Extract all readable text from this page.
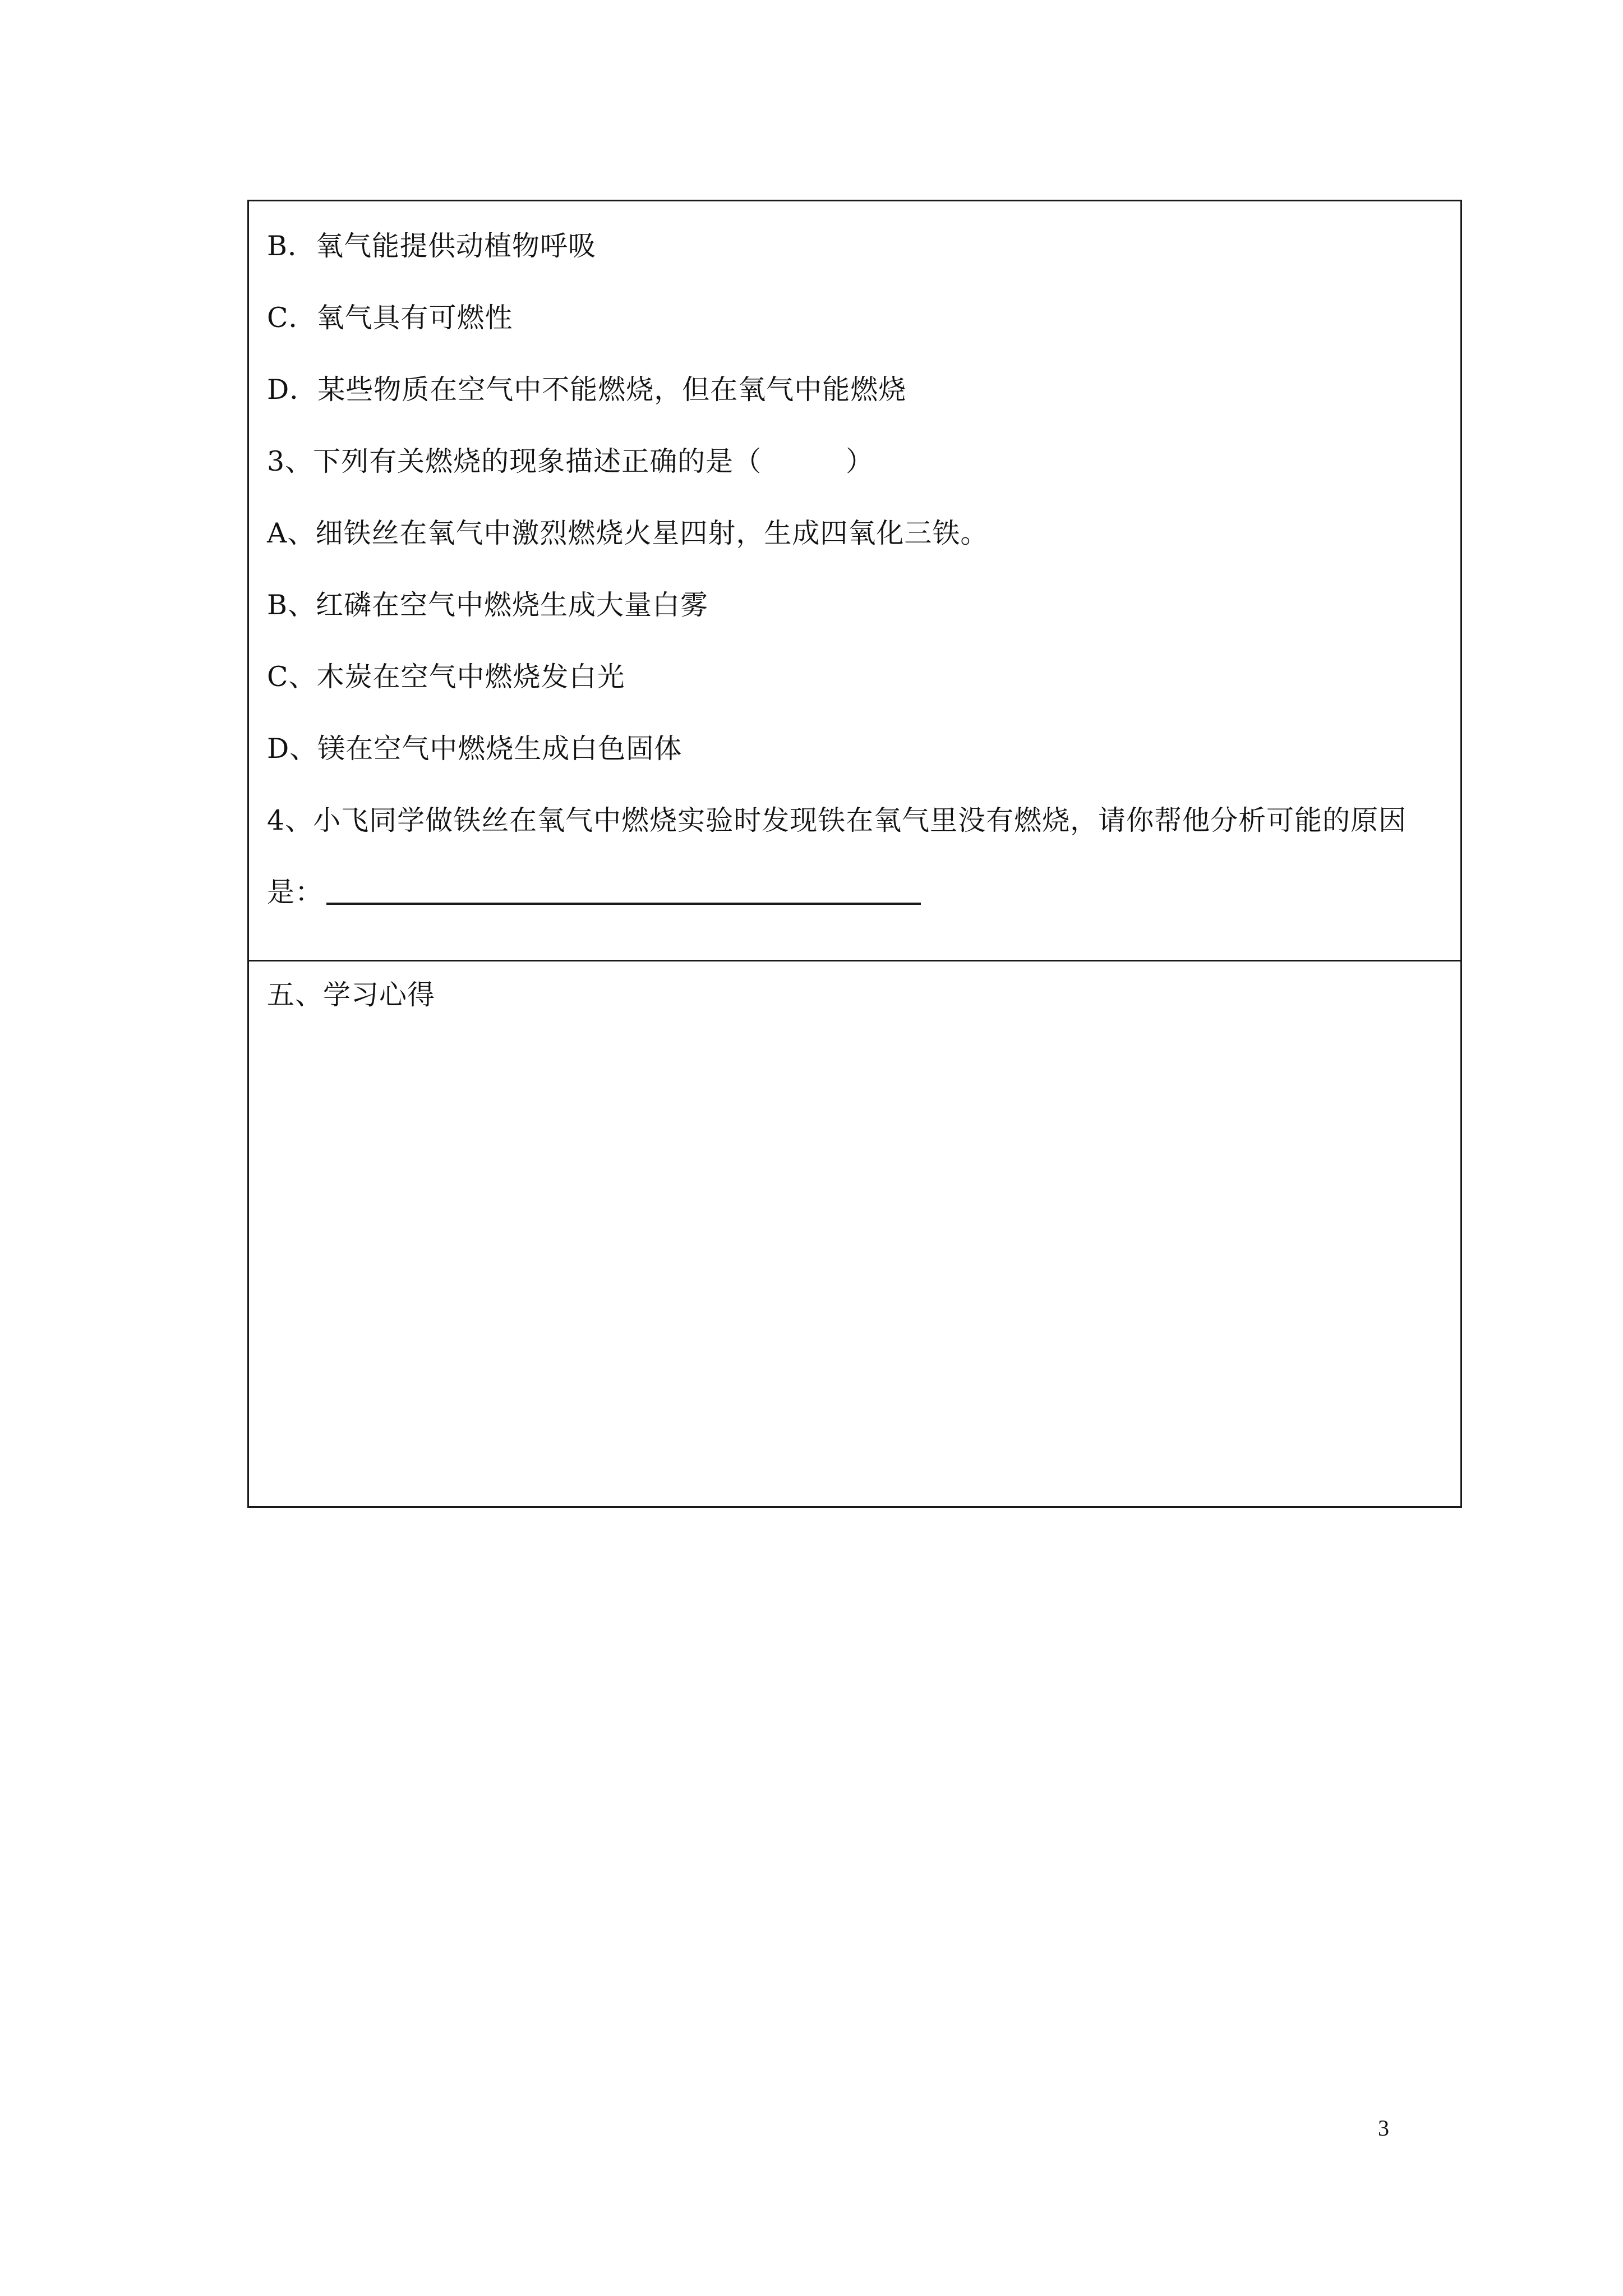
B．氧气能提供动植物呼吸
C．氧气具有可燃性
D．某些物质在空气中不能燃烧，但在氧气中能燃烧
3、下列有关燃烧的现象描述正确的是（　　　）
A、细铁丝在氧气中激烈燃烧火星四射，生成四氧化三铁。
B、红磷在空气中燃烧生成大量白雾
C、木炭在空气中燃烧发白光
D、镁在空气中燃烧生成白色固体
4、小飞同学做铁丝在氧气中燃烧实验时发现铁在氧气里没有燃烧，请你帮他分析可能的原因
是：
五、学习心得
3
